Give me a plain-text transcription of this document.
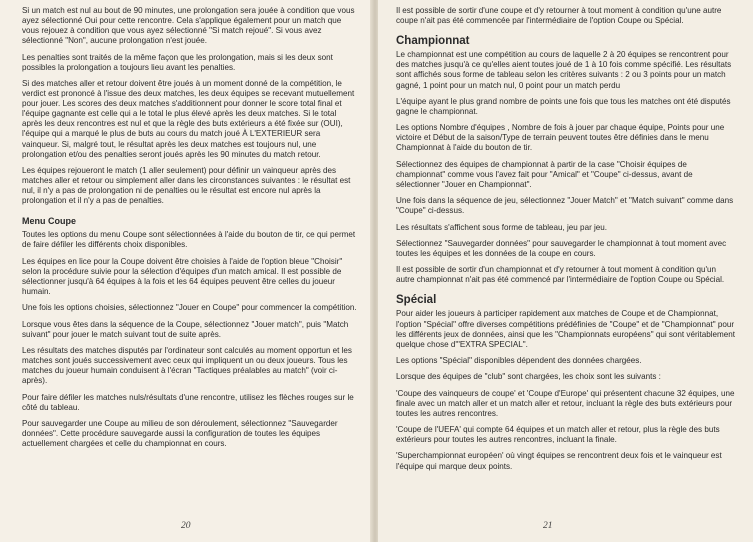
Si un match est nul au bout de 90 minutes, une prolongation sera jouée à condition que vous ayez sélectionné Oui pour cette rencontre. Cela s'applique également pour un match que vous rejouez à condition que vous ayez sélectionné "Si match rejoué". Si vous avez sélectionné "Non", aucune prolongation n'est jouée.

Les penalties sont traités de la même façon que les prolongation, mais si les deux sont possibles la prolongation a toujours lieu avant les penalties.

Si des matches aller et retour doivent être joués à un moment donné de la compétition, le verdict est prononcé à l'issue des deux matches, les deux équipes se recevant mutuellement pour jouer. Les scores des deux matches s'additionnent pour donner le score total final et l'équipe gagnante est celle qui a le total le plus élevé après les deux matches. Si le total après les deux rencontres est nul et que la règle des buts extérieurs a été fixée sur (OUI), l'équipe qui a marqué le plus de buts au cours du match joué À L'EXTERIEUR sera vainqueur. Si, malgré tout, le résultat après les deux matches est toujours nul, une prolongation et/ou des penalties seront joués après les 90 minutes du match retour.

Les équipes rejoueront le match (1 aller seulement) pour définir un vainqueur après des matches aller et retour ou simplement aller dans les circonstances suivantes : le résultat est nul, il n'y a pas de prolongation ni de penalties ou le résultat est encore nul après la prolongation et il n'y a pas de penalties.

Menu Coupe

Toutes les options du menu Coupe sont sélectionnées à l'aide du bouton de tir, ce qui permet de faire défiler les différents choix disponibles.

Les équipes en lice pour la Coupe doivent être choisies à l'aide de l'option bleue "Choisir" selon la procédure suivie pour la sélection d'équipes d'un match amical. Il est possible de sélectionner jusqu'à 64 équipes à la fois et les 64 équipes peuvent être celles du joueur humain.

Une fois les options choisies, sélectionnez "Jouer en Coupe" pour commencer la compétition.

Lorsque vous êtes dans la séquence de la Coupe, sélectionnez "Jouer match", puis "Match suivant" pour jouer le match suivant tout de suite après.

Les résultats des matches disputés par l'ordinateur sont calculés au moment opportun et les matches sont joués successivement avec ceux qui impliquent un ou deux joueurs. Tous les matches du joueur humain conduisent à l'écran "Tactiques préalables au match" (voir ci-après).

Pour faire défiler les matches nuls/résultats d'une rencontre, utilisez les flèches rouges sur le côté du tableau.

Pour sauvegarder une Coupe au milieu de son déroulement, sélectionnez "Sauvegarder données". Cette procédure sauvegarde aussi la configuration de toutes les équipes actuellement chargées et celle du championnat en cours.

20

Il est possible de sortir d'une coupe et d'y retourner à tout moment à condition qu'une autre coupe n'ait pas été commencée par l'intermédiaire de l'option Coupe ou Spécial.

Championnat

Le championnat est une compétition au cours de laquelle 2 à 20 équipes se rencontrent pour des matches jusqu'à ce qu'elles aient toutes joué de 1 à 10 fois comme spécifié. Les résultats sont affichés sous forme de tableau selon les critères suivants : 2 ou 3 points pour un match gagné, 1 point pour un match nul, 0 point pour un match perdu

L'équipe ayant le plus grand nombre de points une fois que tous les matches ont été disputés gagne le championnat.

Les options Nombre d'équipes , Nombre de fois à jouer par chaque équipe, Points pour une victoire et Début de la saison/Type de terrain peuvent toutes être définies dans le menu Championnat à l'aide du bouton de tir.

Sélectionnez des équipes de championnat à partir de la case "Choisir équipes de championnat" comme vous l'avez fait pour "Amical" et "Coupe" ci-dessus, avant de sélectionner "Jouer en Championnat".

Une fois dans la séquence de jeu, sélectionnez "Jouer Match" et "Match suivant" comme dans "Coupe" ci-dessus.

Les résultats s'affichent sous forme de tableau, jeu par jeu.

Sélectionnez "Sauvegarder données" pour sauvegarder le championnat à tout moment avec toutes les équipes et les données de la coupe en cours.

Il est possible de sortir d'un championnat et d'y retourner à tout moment à condition qu'un autre championnat n'ait pas été commencé par l'intermédiaire de l'option Coupe ou Spécial.

Spécial

Pour aider les joueurs à participer rapidement aux matches de Coupe et de Championnat, l'option "Spécial" offre diverses compétitions prédéfinies de "Coupe" et de "Championnat" pour les différents jeux de données, ainsi que les "Championnats européens" qui sont véritablement quelque chose d'"EXTRA SPECIAL".

Les options "Spécial" disponibles dépendent des données chargées.

Lorsque des équipes de "club" sont chargées, les choix sont les suivants :

'Coupe des vainqueurs de coupe' et 'Coupe d'Europe' qui présentent chacune 32 équipes, une finale avec un match aller et un match aller et retour, incluant la règle des buts extérieurs pour toutes les autres rencontres.

'Coupe de l'UEFA' qui compte 64 équipes et un match aller et retour, plus la règle des buts extérieurs pour toutes les autres rencontres, incluant la finale.

'Superchampionnat européen' où vingt équipes se rencontrent deux fois et le vainqueur est l'équipe qui marque deux points.

21
